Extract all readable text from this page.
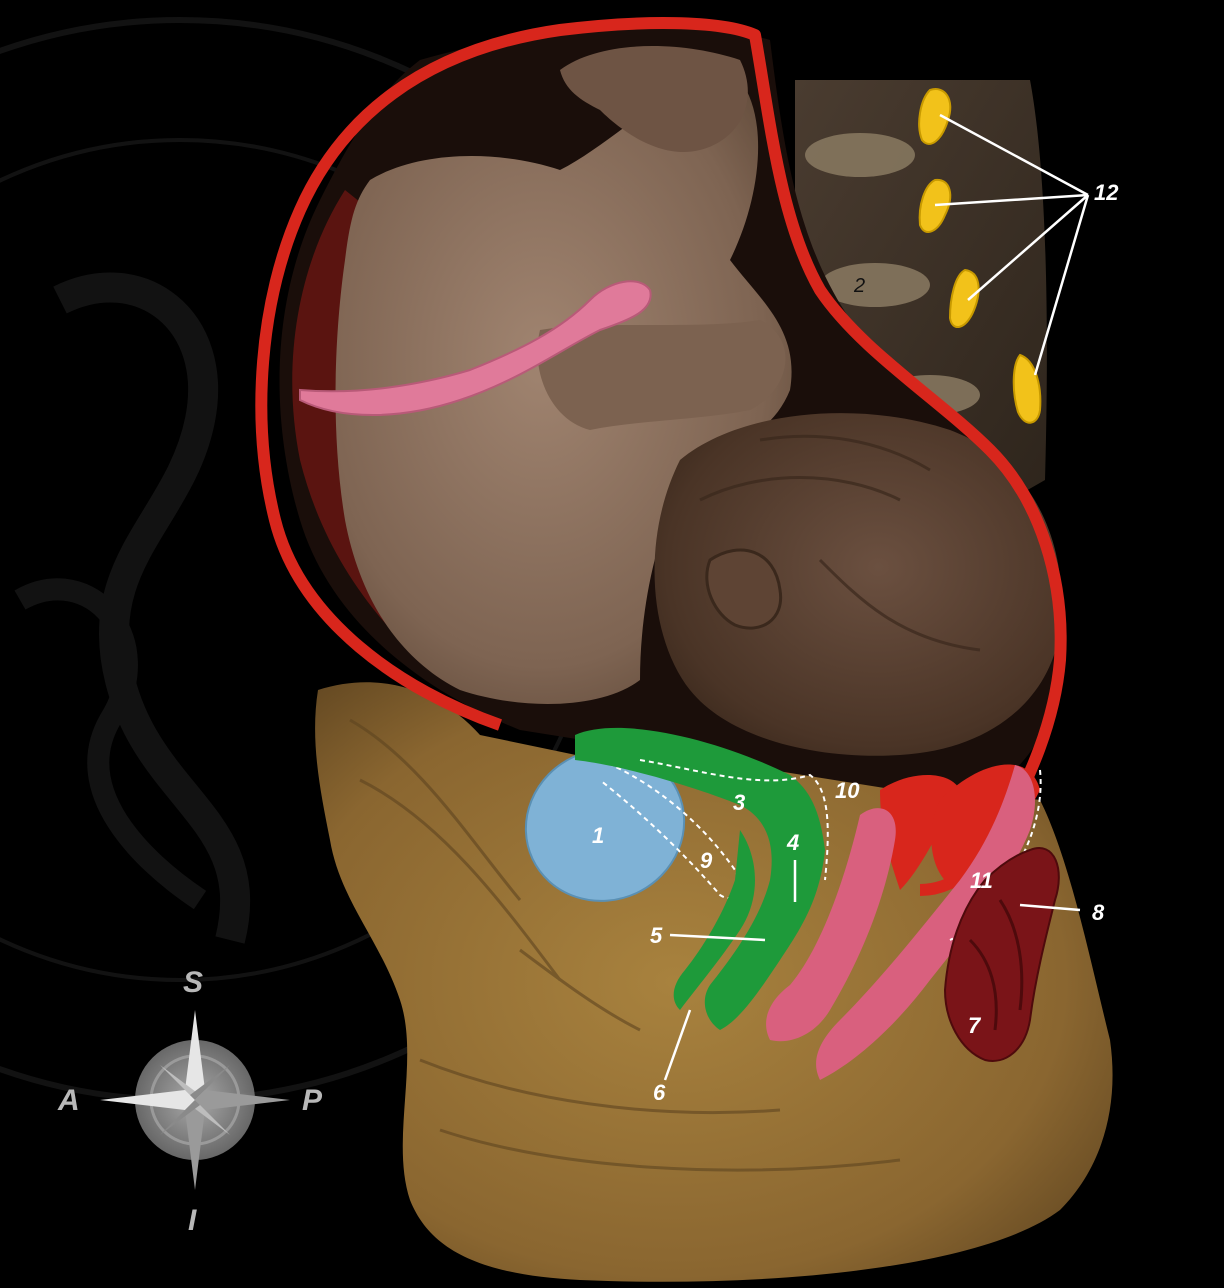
1
2
3
4
5
6
7
8
9
10
11
12
S
I
A	P
